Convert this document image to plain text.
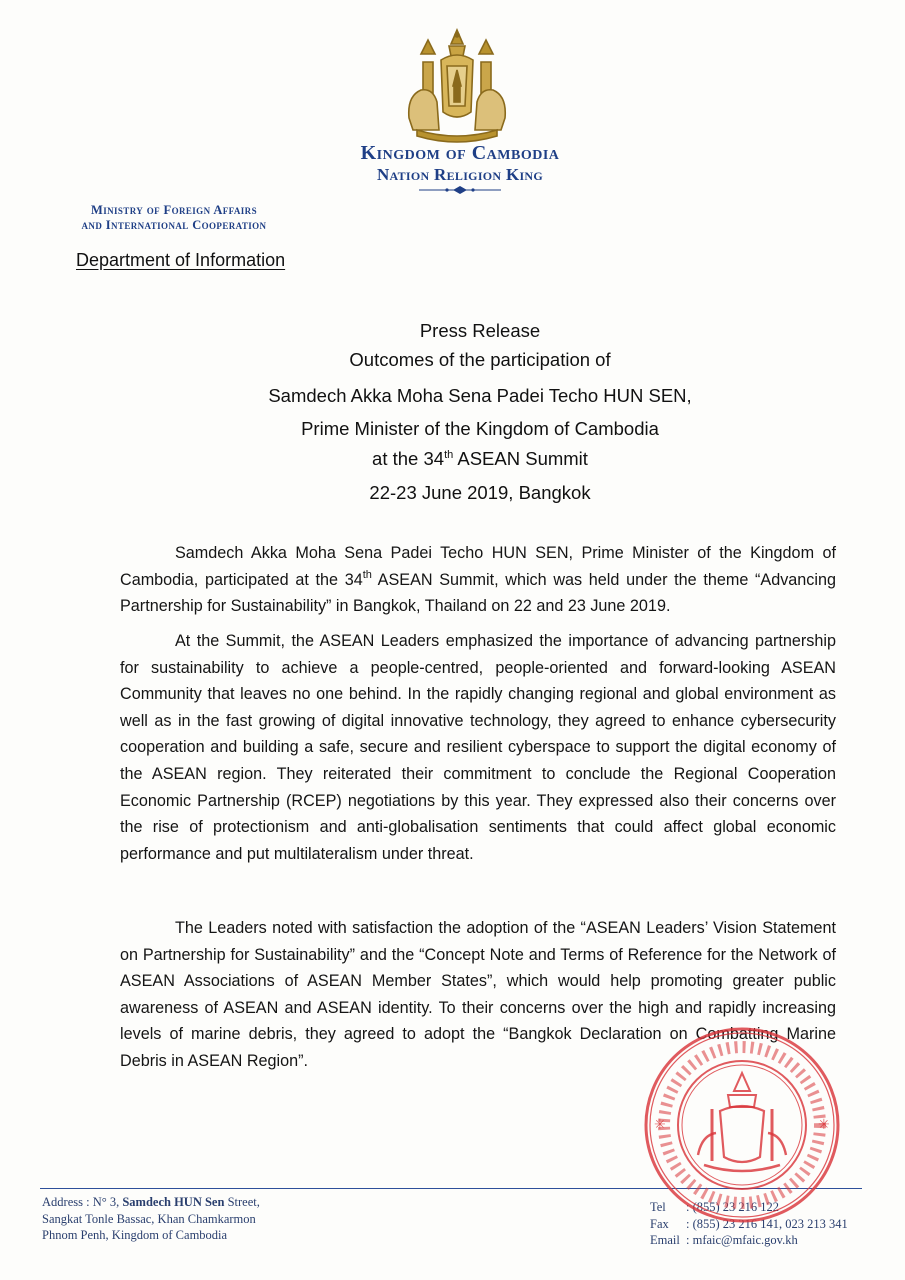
Kingdom of Cambodia
Nation Religion King
Ministry of Foreign Affairs
and International Cooperation
Department of Information
Press Release
Outcomes of the participation of
Samdech Akka Moha Sena Padei Techo HUN SEN,
Prime Minister of the Kingdom of Cambodia
at the 34th ASEAN Summit
22-23 June 2019, Bangkok
Samdech Akka Moha Sena Padei Techo HUN SEN, Prime Minister of the Kingdom of Cambodia, participated at the 34th ASEAN Summit, which was held under the theme “Advancing Partnership for Sustainability” in Bangkok, Thailand on 22 and 23 June 2019.
At the Summit, the ASEAN Leaders emphasized the importance of advancing partnership for sustainability to achieve a people-centred, people-oriented and forward-looking ASEAN Community that leaves no one behind. In the rapidly changing regional and global environment as well as in the fast growing of digital innovative technology, they agreed to enhance cybersecurity cooperation and building a safe, secure and resilient cyberspace to support the digital economy of the ASEAN region. They reiterated their commitment to conclude the Regional Cooperation Economic Partnership (RCEP) negotiations by this year. They expressed also their concerns over the rise of protectionism and anti-globalisation sentiments that could affect global economic performance and put multilateralism under threat.
The Leaders noted with satisfaction the adoption of the “ASEAN Leaders’ Vision Statement on Partnership for Sustainability” and the “Concept Note and Terms of Reference for the Network of ASEAN Associations of ASEAN Member States”, which would help promoting greater public awareness of ASEAN and ASEAN identity. To their concerns over the high and rapidly increasing levels of marine debris, they agreed to adopt the “Bangkok Declaration on Combatting Marine Debris in ASEAN Region”.
Address : N° 3, Samdech HUN Sen Street,
Sangkat Tonle Bassac, Khan Chamkarmon
Phnom Penh, Kingdom of Cambodia
Tel	: (855) 23 216 122
Fax	: (855) 23 216 141, 023 213 341
Email : mfaic@mfaic.gov.kh
✳	✳
